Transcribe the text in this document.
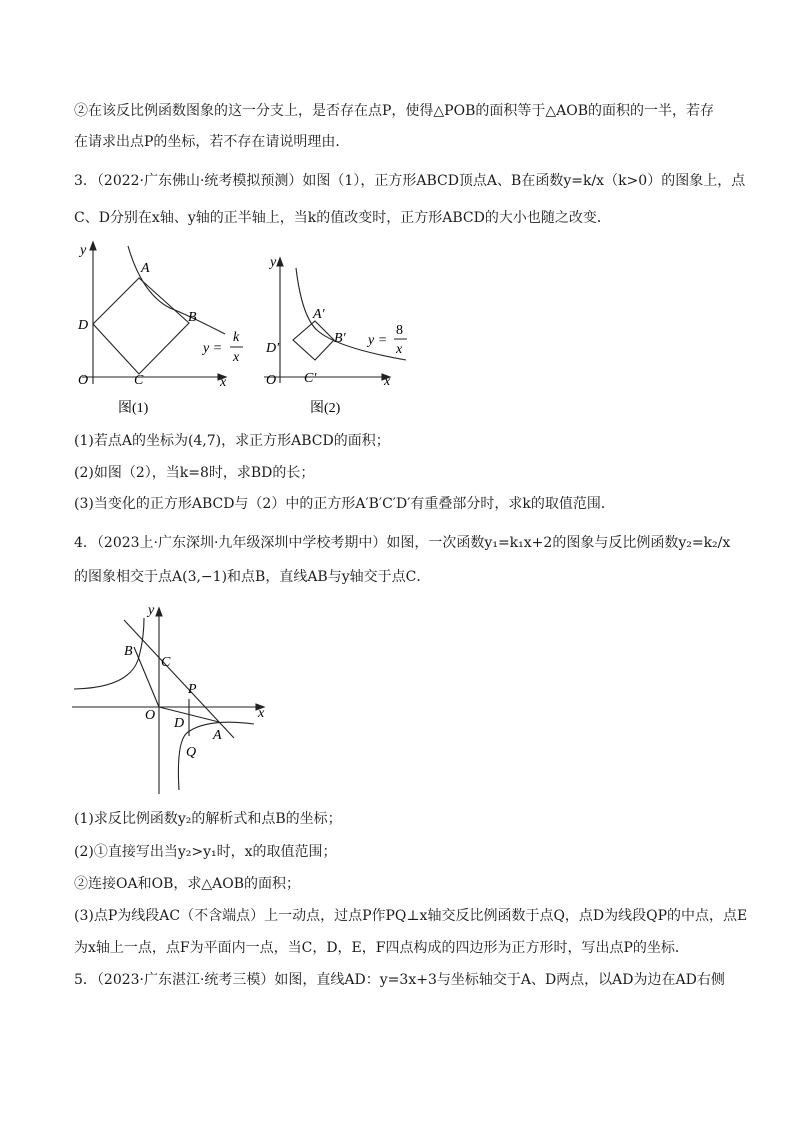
②在该反比例函数图象的这一分支上，是否存在点P，使得△POB的面积等于△AOB的面积的一半，若存
在请求出点P的坐标，若不存在请说明理由．
3．（2022·广东佛山·统考模拟预测）如图（1），正方形ABCD顶点A、B在函数y=k/x（k>0）的图象上，点
C、D分别在x轴、y轴的正半轴上，当k的值改变时，正方形ABCD的大小也随之改变．
y
x
O
A
B
C
D
y =
k
x
图(1)
y
x
O
A′
B′
C′
D′
y =
8
x
图(2)
(1)若点A的坐标为(4,7)，求正方形ABCD的面积；
(2)如图（2），当k=8时，求BD的长；
(3)当变化的正方形ABCD与（2）中的正方形A′B′C′D′有重叠部分时，求k的取值范围．
4．（2023上·广东深圳·九年级深圳中学校考期中）如图，一次函数y₁=k₁x+2的图象与反比例函数y₂=k₂/x
的图象相交于点A(3,−1)和点B，直线AB与y轴交于点C．
y
x
O
B
C
P
D
A
Q
(1)求反比例函数y₂的解析式和点B的坐标；
(2)①直接写出当y₂>y₁时，x的取值范围；
②连接OA和OB，求△AOB的面积；
(3)点P为线段AC（不含端点）上一动点，过点P作PQ⊥x轴交反比例函数于点Q，点D为线段QP的中点，点E
为x轴上一点，点F为平面内一点，当C，D，E，F四点构成的四边形为正方形时，写出点P的坐标．
5．（2023·广东湛江·统考三模）如图，直线AD：y=3x+3与坐标轴交于A、D两点，以AD为边在AD右侧
